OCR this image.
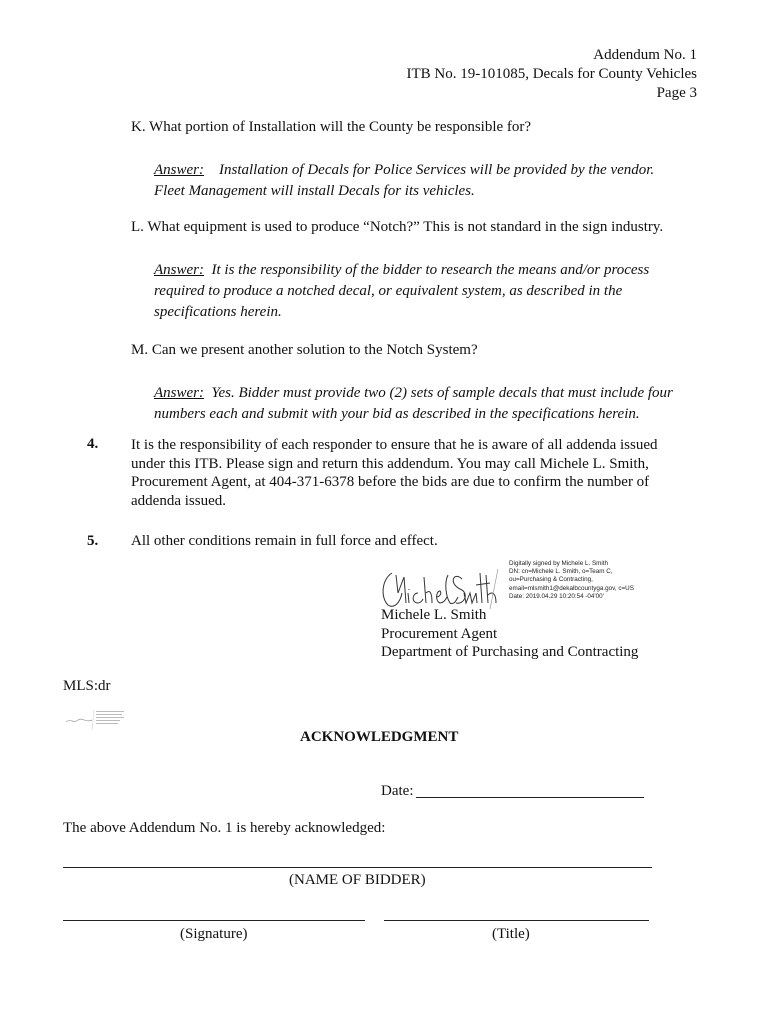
Addendum No. 1
ITB No. 19-101085, Decals for County Vehicles
Page 3
K. What portion of Installation will the County be responsible for?
Answer: Installation of Decals for Police Services will be provided by the vendor.
Fleet Management will install Decals for its vehicles.
L. What equipment is used to produce “Notch?” This is not standard in the sign industry.
Answer: It is the responsibility of the bidder to research the means and/or process
required to produce a notched decal, or equivalent system, as described in the
specifications herein.
M. Can we present another solution to the Notch System?
Answer: Yes. Bidder must provide two (2) sets of sample decals that must include four
numbers each and submit with your bid as described in the specifications herein.
4. It is the responsibility of each responder to ensure that he is aware of all addenda issued
under this ITB. Please sign and return this addendum. You may call Michele L. Smith,
Procurement Agent, at 404-371-6378 before the bids are due to confirm the number of
addenda issued.
5. All other conditions remain in full force and effect.
Digitally signed by Michele L. Smith
DN: cn=Michele L. Smith, o=Team C,
ou=Purchasing & Contracting,
email=mlsmith1@dekalbcountyga.gov, c=US
Date: 2019.04.29 10:20:54 -04'00'
Michele L. Smith
Procurement Agent
Department of Purchasing and Contracting
MLS:dr
ACKNOWLEDGMENT
Date:
The above Addendum No. 1 is hereby acknowledged:
(NAME OF BIDDER)
(Signature)	(Title)
